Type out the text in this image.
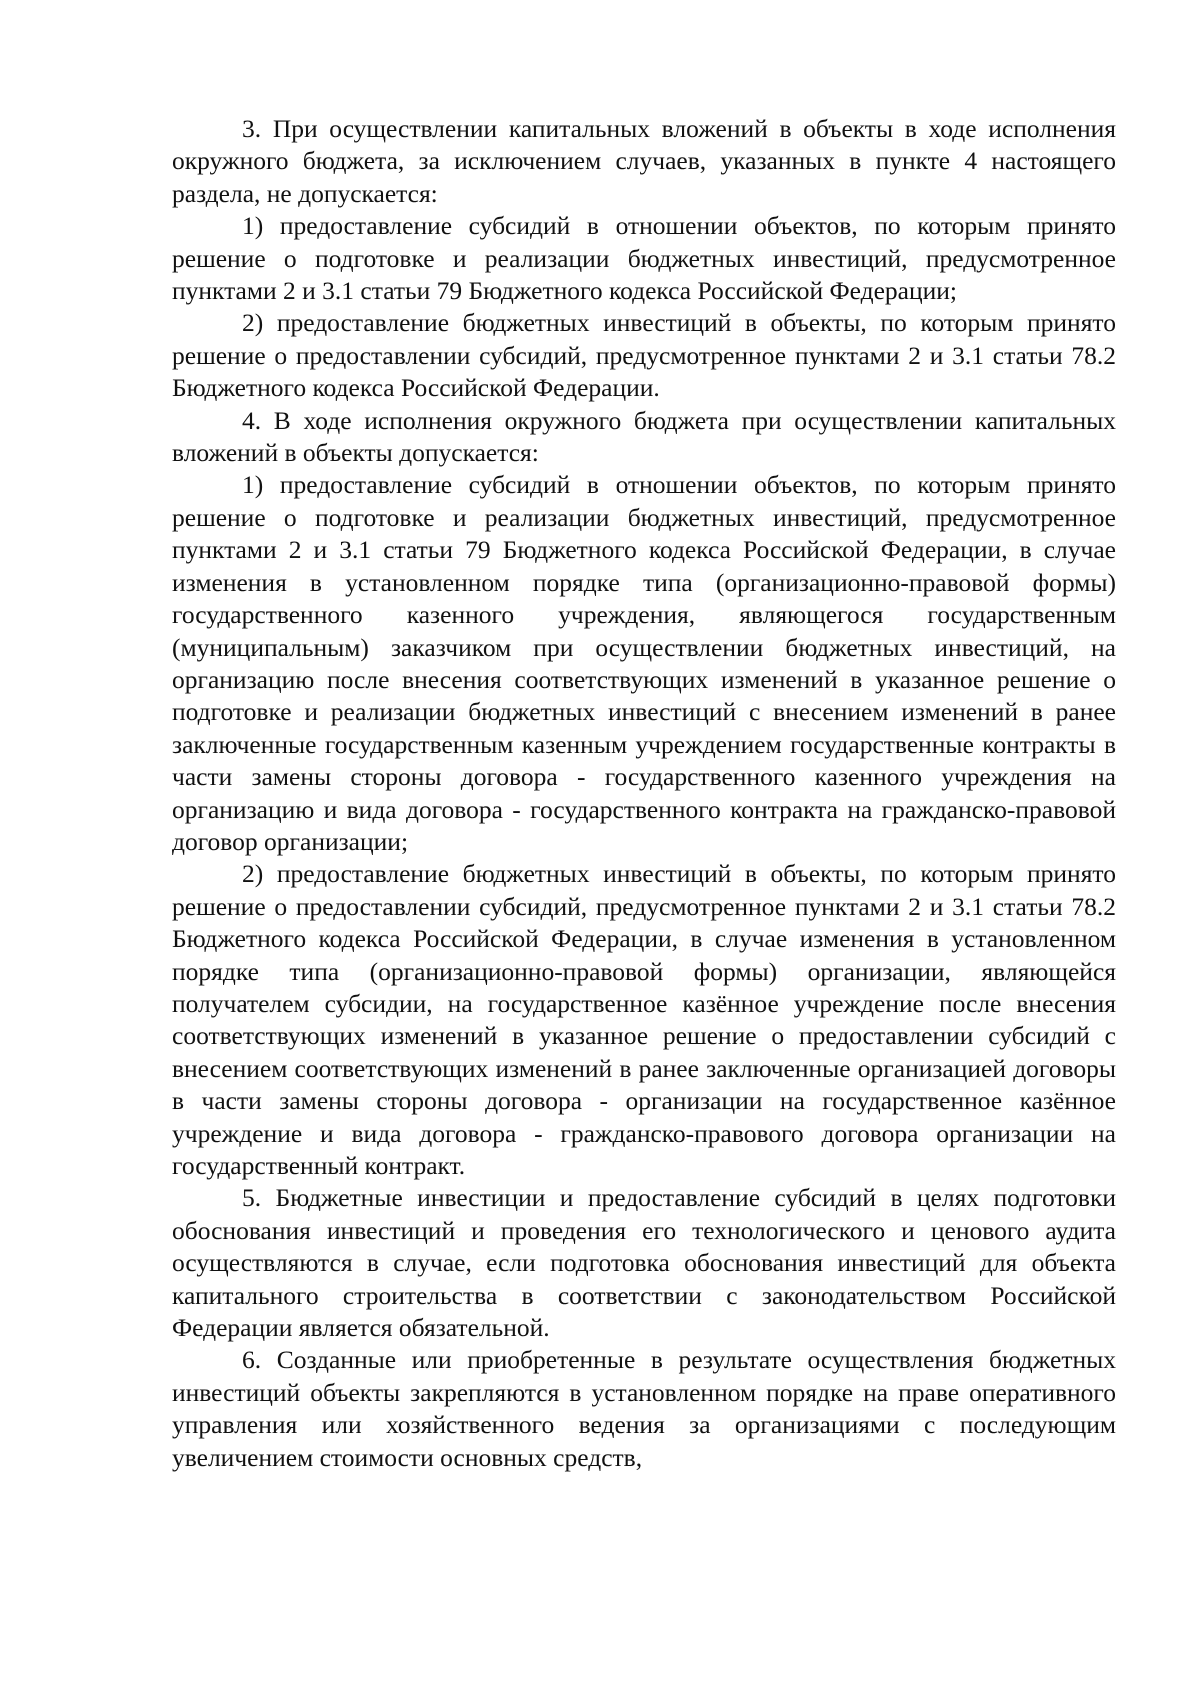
3. При осуществлении капитальных вложений в объекты в ходе исполнения окружного бюджета, за исключением случаев, указанных в пункте 4 настоящего раздела, не допускается:

1) предоставление субсидий в отношении объектов, по которым принято решение о подготовке и реализации бюджетных инвестиций, предусмотренное пунктами 2 и 3.1 статьи 79 Бюджетного кодекса Российской Федерации;

2) предоставление бюджетных инвестиций в объекты, по которым принято решение о предоставлении субсидий, предусмотренное пунктами 2 и 3.1 статьи 78.2 Бюджетного кодекса Российской Федерации.

4. В ходе исполнения окружного бюджета при осуществлении капитальных вложений в объекты допускается:

1) предоставление субсидий в отношении объектов, по которым принято решение о подготовке и реализации бюджетных инвестиций, предусмотренное пунктами 2 и 3.1 статьи 79 Бюджетного кодекса Российской Федерации, в случае изменения в установленном порядке типа (организационно-правовой формы) государственного казенного учреждения, являющегося государственным (муниципальным) заказчиком при осуществлении бюджетных инвестиций, на организацию после внесения соответствующих изменений в указанное решение о подготовке и реализации бюджетных инвестиций с внесением изменений в ранее заключенные государственным казенным учреждением государственные контракты в части замены стороны договора - государственного казенного учреждения на организацию и вида договора - государственного контракта на гражданско-правовой договор организации;

2) предоставление бюджетных инвестиций в объекты, по которым принято решение о предоставлении субсидий, предусмотренное пунктами 2 и 3.1 статьи 78.2 Бюджетного кодекса Российской Федерации, в случае изменения в установленном порядке типа (организационно-правовой формы) организации, являющейся получателем субсидии, на государственное казённое учреждение после внесения соответствующих изменений в указанное решение о предоставлении субсидий с внесением соответствующих изменений в ранее заключенные организацией договоры в части замены стороны договора - организации на государственное казённое учреждение и вида договора - гражданско-правового договора организации на государственный контракт.

5. Бюджетные инвестиции и предоставление субсидий в целях подготовки обоснования инвестиций и проведения его технологического и ценового аудита осуществляются в случае, если подготовка обоснования инвестиций для объекта капитального строительства в соответствии с законодательством Российской Федерации является обязательной.

6. Созданные или приобретенные в результате осуществления бюджетных инвестиций объекты закрепляются в установленном порядке на праве оперативного управления или хозяйственного ведения за организациями с последующим увеличением стоимости основных средств,
